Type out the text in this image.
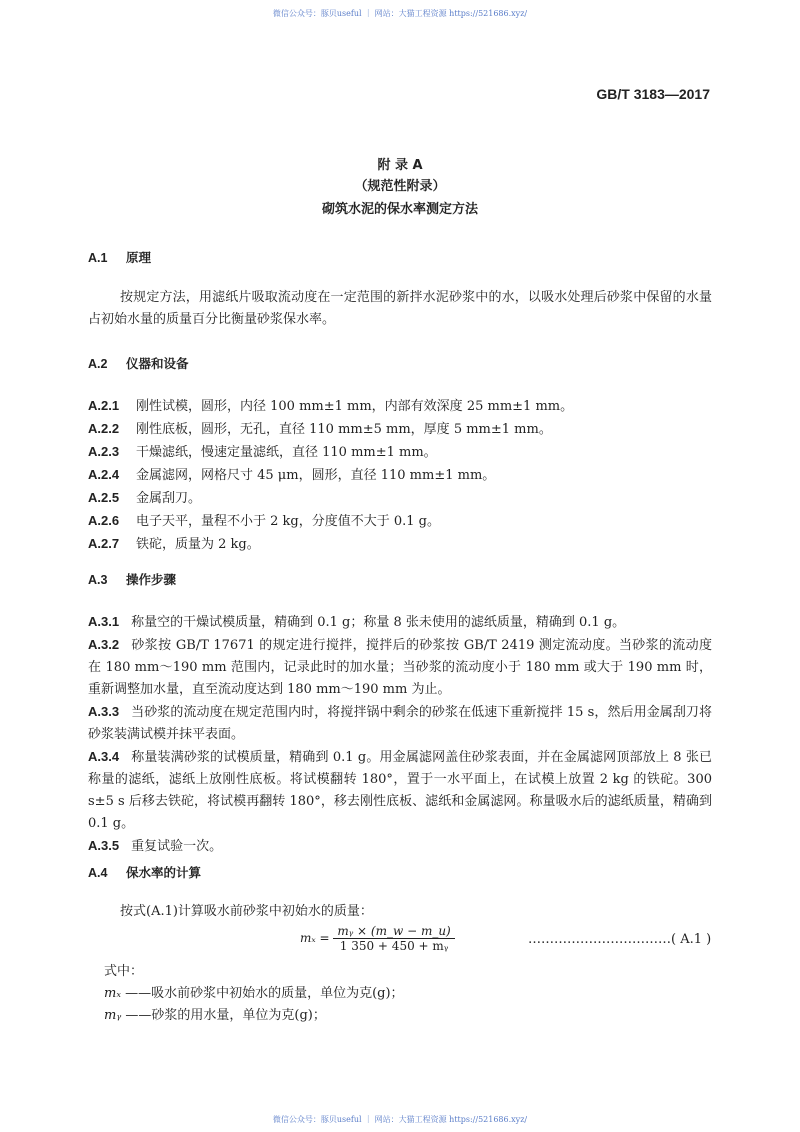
微信公众号：豚贝useful ｜ 网站：大猫工程资源 https://521686.xyz/
GB/T 3183—2017
附 录 A
（规范性附录）
砌筑水泥的保水率测定方法
A.1 原理
按规定方法，用滤纸片吸取流动度在一定范围的新拌水泥砂浆中的水，以吸水处理后砂浆中保留的水量占初始水量的质量百分比衡量砂浆保水率。
A.2 仪器和设备
A.2.1 刚性试模，圆形，内径 100 mm±1 mm，内部有效深度 25 mm±1 mm。
A.2.2 刚性底板，圆形，无孔，直径 110 mm±5 mm，厚度 5 mm±1 mm。
A.2.3 干燥滤纸，慢速定量滤纸，直径 110 mm±1 mm。
A.2.4 金属滤网，网格尺寸 45 μm，圆形，直径 110 mm±1 mm。
A.2.5 金属刮刀。
A.2.6 电子天平，量程不小于 2 kg，分度值不大于 0.1 g。
A.2.7 铁砣，质量为 2 kg。
A.3 操作步骤
A.3.1 称量空的干燥试模质量，精确到 0.1 g；称量 8 张未使用的滤纸质量，精确到 0.1 g。
A.3.2 砂浆按 GB/T 17671 的规定进行搅拌，搅拌后的砂浆按 GB/T 2419 测定流动度。当砂浆的流动度在 180 mm～190 mm 范围内，记录此时的加水量；当砂浆的流动度小于 180 mm 或大于 190 mm 时，重新调整加水量，直至流动度达到 180 mm～190 mm 为止。
A.3.3 当砂浆的流动度在规定范围内时，将搅拌锅中剩余的砂浆在低速下重新搅拌 15 s，然后用金属刮刀将砂浆装满试模并抹平表面。
A.3.4 称量装满砂浆的试模质量，精确到 0.1 g。用金属滤网盖住砂浆表面，并在金属滤网顶部放上 8 张已称量的滤纸，滤纸上放刚性底板。将试模翻转 180°，置于一水平面上，在试模上放置 2 kg 的铁砣。300 s±5 s 后移去铁砣，将试模再翻转 180°，移去刚性底板、滤纸和金属滤网。称量吸水后的滤纸质量，精确到 0.1 g。
A.3.5 重复试验一次。
A.4 保水率的计算
按式(A.1)计算吸水前砂浆中初始水的质量：
$m_x = \frac{\text{mᵧ × (m\_w − m\_u)}}{\text{1 350 + 450 + mᵧ}}$	……………………………( A.1 )
式中：
mₓ ——吸水前砂浆中初始水的质量，单位为克(g)；
mᵧ ——砂浆的用水量，单位为克(g)；
微信公众号：豚贝useful ｜ 网站：大猫工程资源 https://521686.xyz/
